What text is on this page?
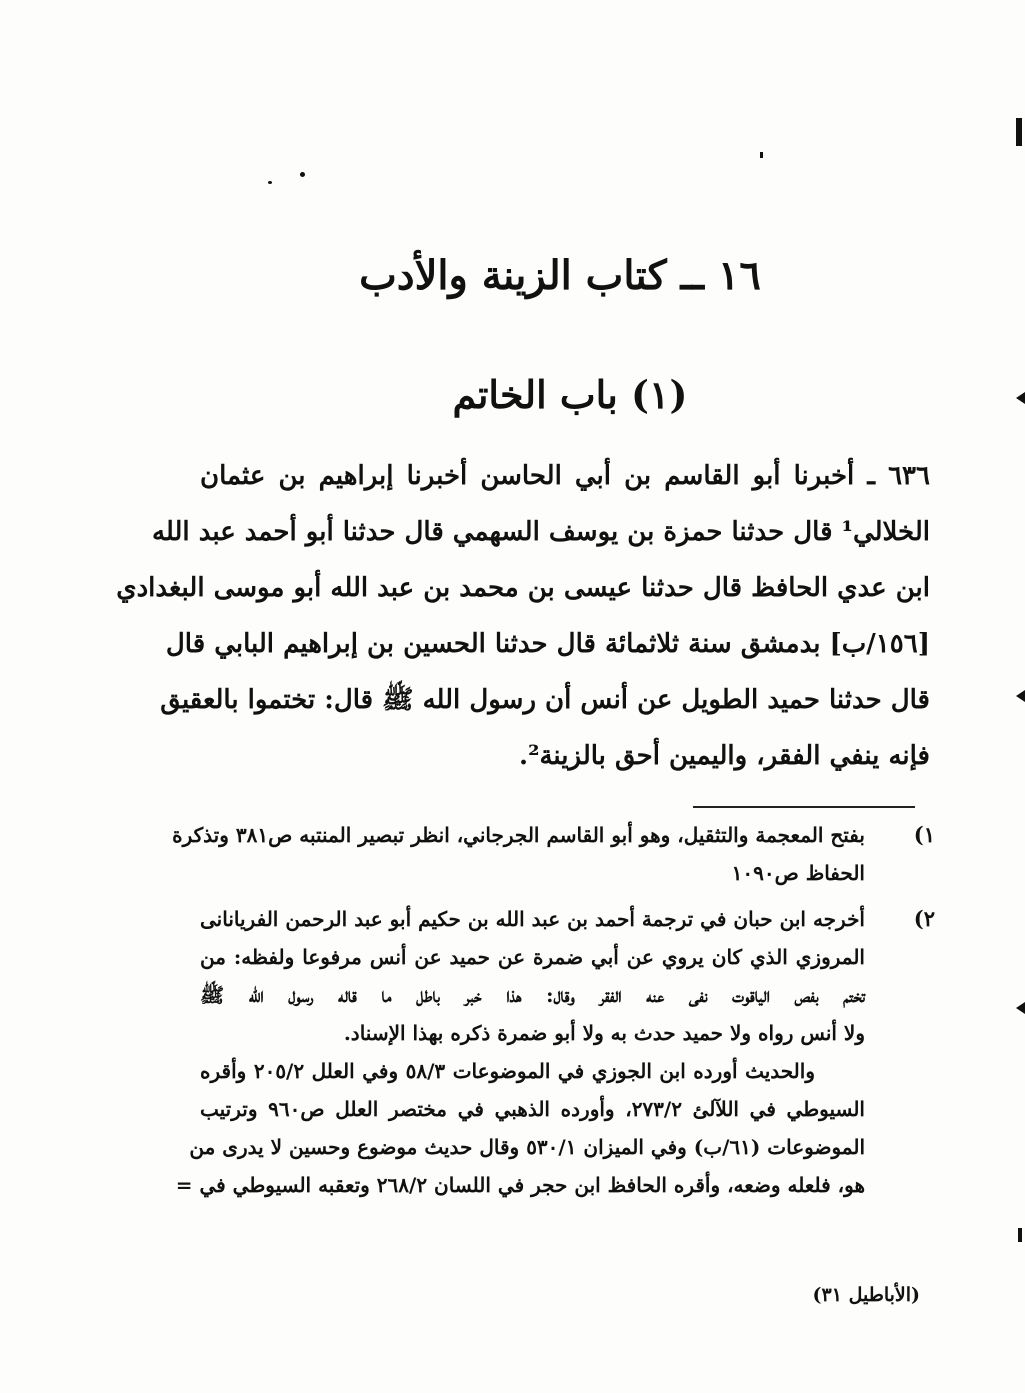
١٦ ــ كتاب الزينة والأدب
(١) باب الخاتم
٦٣٦ ـ أخبرنا أبو القاسم بن أبي الحاسن أخبرنا إبراهيم بن عثمان
الخلالي¹ قال حدثنا حمزة بن يوسف السهمي قال حدثنا أبو أحمد عبد الله
ابن عدي الحافظ قال حدثنا عيسى بن محمد بن عبد الله أبو موسى البغدادي
[١٥٦/ب] بدمشق سنة ثلاثمائة قال حدثنا الحسين بن إبراهيم البابي قال
قال حدثنا حميد الطويل عن أنس أن رسول الله ﷺ قال: تختموا بالعقيق
فإنه ينفي الفقر، واليمين أحق بالزينة².
١)
بفتح المعجمة والتثقيل، وهو أبو القاسم الجرجاني، انظر تبصير المنتبه ص٣٨١ وتذكرة
الحفاظ ص١٠٩٠
٢)
أخرجه ابن حبان في ترجمة أحمد بن عبد الله بن حكيم أبو عبد الرحمن الفريانانى
المروزي الذي كان يروي عن أبي ضمرة عن حميد عن أنس مرفوعا ولفظه: من
تختم بفص الياقوت نفى عنه الفقر وقال: هذا خبر باطل ما قاله رسول الله ﷺ
ولا أنس رواه ولا حميد حدث به ولا أبو ضمرة ذكره بهذا الإسناد.
والحديث أورده ابن الجوزي في الموضوعات ٥٨/٣ وفي العلل ٢٠٥/٢ وأقره
السيوطي في اللآلئ ٢٧٣/٢، وأورده الذهبي في مختصر العلل ص٩٦٠ وترتيب
الموضوعات (٦١/ب) وفي الميزان ٥٣٠/١ وقال حديث موضوع وحسين لا يدرى من
هو، فلعله وضعه، وأقره الحافظ ابن حجر في اللسان ٢٦٨/٢ وتعقبه السيوطي في =
(الأباطيل ٣١)
